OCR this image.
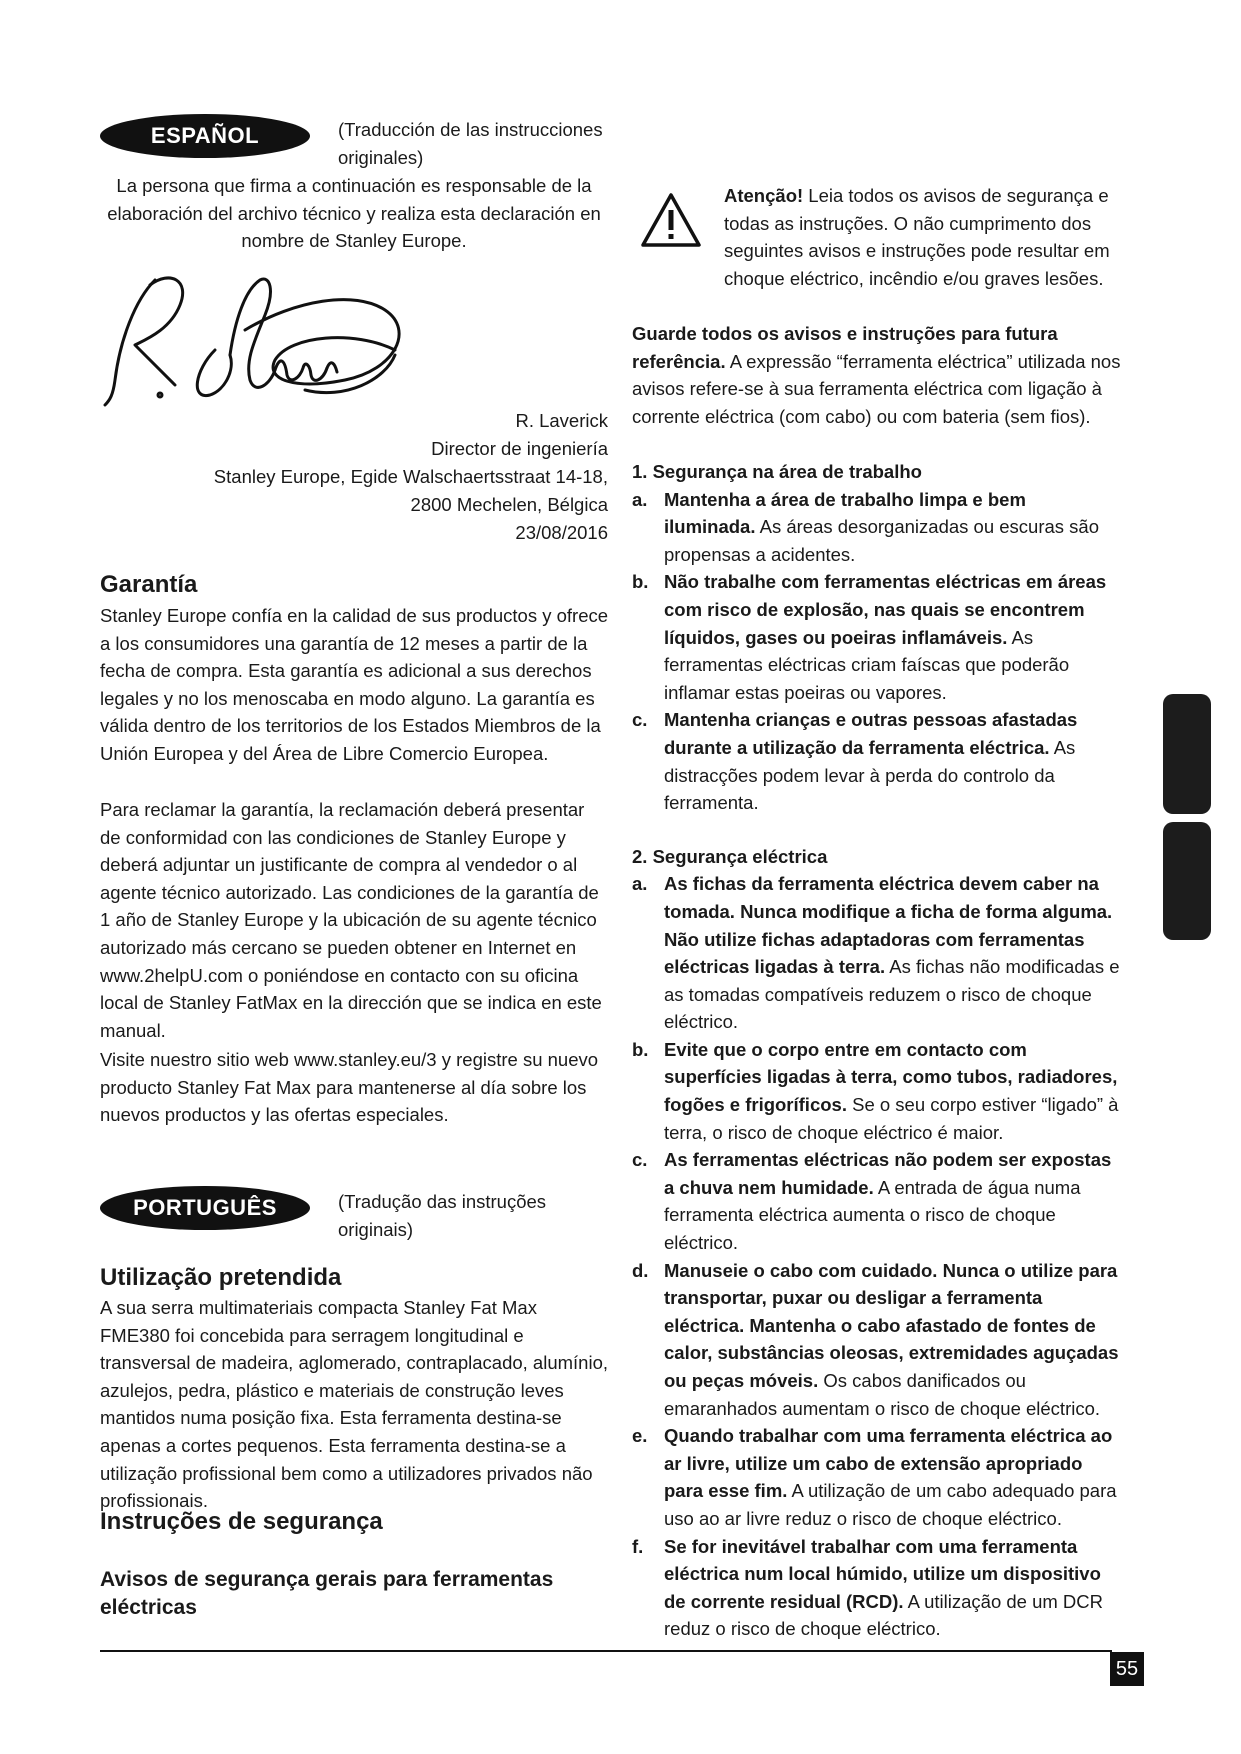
ESPAÑOL	(Traducción de las instrucciones originales)
La persona que firma a continuación es responsable de la elaboración del archivo técnico y realiza esta declaración en nombre de Stanley Europe.
R. Laverick
Director de ingeniería
Stanley Europe, Egide Walschaertsstraat 14-18,
2800 Mechelen, Bélgica
23/08/2016
Garantía
Stanley Europe confía en la calidad de sus productos y ofrece a los consumidores una garantía de 12 meses a partir de la fecha de compra. Esta garantía es adicional a sus derechos legales y no los menoscaba en modo alguno. La garantía es válida dentro de los territorios de los Estados Miembros de la Unión Europea y del Área de Libre Comercio Europea.
Para reclamar la garantía, la reclamación deberá presentar de conformidad con las condiciones de Stanley Europe y deberá adjuntar un justificante de compra al vendedor o al agente técnico autorizado. Las condiciones de la garantía de 1 año de Stanley Europe y la ubicación de su agente técnico autorizado más cercano se pueden obtener en Internet en www.2helpU.com o poniéndose en contacto con su oficina local de Stanley FatMax en la dirección que se indica en este manual.
Visite nuestro sitio web www.stanley.eu/3 y registre su nuevo producto Stanley Fat Max para mantenerse al día sobre los nuevos productos y las ofertas especiales.
PORTUGUÊS	(Tradução das instruções originais)
Utilização pretendida
A sua serra multimateriais compacta Stanley Fat Max FME380 foi concebida para serragem longitudinal e transversal de madeira, aglomerado, contraplacado, alumínio, azulejos, pedra, plástico e materiais de construção leves mantidos numa posição fixa. Esta ferramenta destina-se apenas a cortes pequenos. Esta ferramenta destina-se a utilização profissional bem como a utilizadores privados não profissionais.
Instruções de segurança
Avisos de segurança gerais para ferramentas eléctricas
Atenção! Leia todos os avisos de segurança e todas as instruções. O não cumprimento dos seguintes avisos e instruções pode resultar em choque eléctrico, incêndio e/ou graves lesões.
Guarde todos os avisos e instruções para futura referência. A expressão “ferramenta eléctrica” utilizada nos avisos refere-se à sua ferramenta eléctrica com ligação à corrente eléctrica (com cabo) ou com bateria (sem fios).

1. Segurança na área de trabalho

a. Mantenha a área de trabalho limpa e bem iluminada. As áreas desorganizadas ou escuras são propensas a acidentes.
b. Não trabalhe com ferramentas eléctricas em áreas com risco de explosão, nas quais se encontrem líquidos, gases ou poeiras inflamáveis. As ferramentas eléctricas criam faíscas que poderão inflamar estas poeiras ou vapores.
c. Mantenha crianças e outras pessoas afastadas durante a utilização da ferramenta eléctrica. As distracções podem levar à perda do controlo da ferramenta.

2. Segurança eléctrica

a. As fichas da ferramenta eléctrica devem caber na tomada. Nunca modifique a ficha de forma alguma. Não utilize fichas adaptadoras com ferramentas eléctricas ligadas à terra. As fichas não modificadas e as tomadas compatíveis reduzem o risco de choque eléctrico.
b. Evite que o corpo entre em contacto com superfícies ligadas à terra, como tubos, radiadores, fogões e frigoríficos. Se o seu corpo estiver “ligado” à terra, o risco de choque eléctrico é maior.
c. As ferramentas eléctricas não podem ser expostas a chuva nem humidade. A entrada de água numa ferramenta eléctrica aumenta o risco de choque eléctrico.
d. Manuseie o cabo com cuidado. Nunca o utilize para transportar, puxar ou desligar a ferramenta eléctrica. Mantenha o cabo afastado de fontes de calor, substâncias oleosas, extremidades aguçadas ou peças móveis. Os cabos danificados ou emaranhados aumentam o risco de choque eléctrico.
e. Quando trabalhar com uma ferramenta eléctrica ao ar livre, utilize um cabo de extensão apropriado para esse fim. A utilização de um cabo adequado para uso ao ar livre reduz o risco de choque eléctrico.
f. Se for inevitável trabalhar com uma ferramenta eléctrica num local húmido, utilize um dispositivo de corrente residual (RCD). A utilização de um DCR reduz o risco de choque eléctrico.
55
